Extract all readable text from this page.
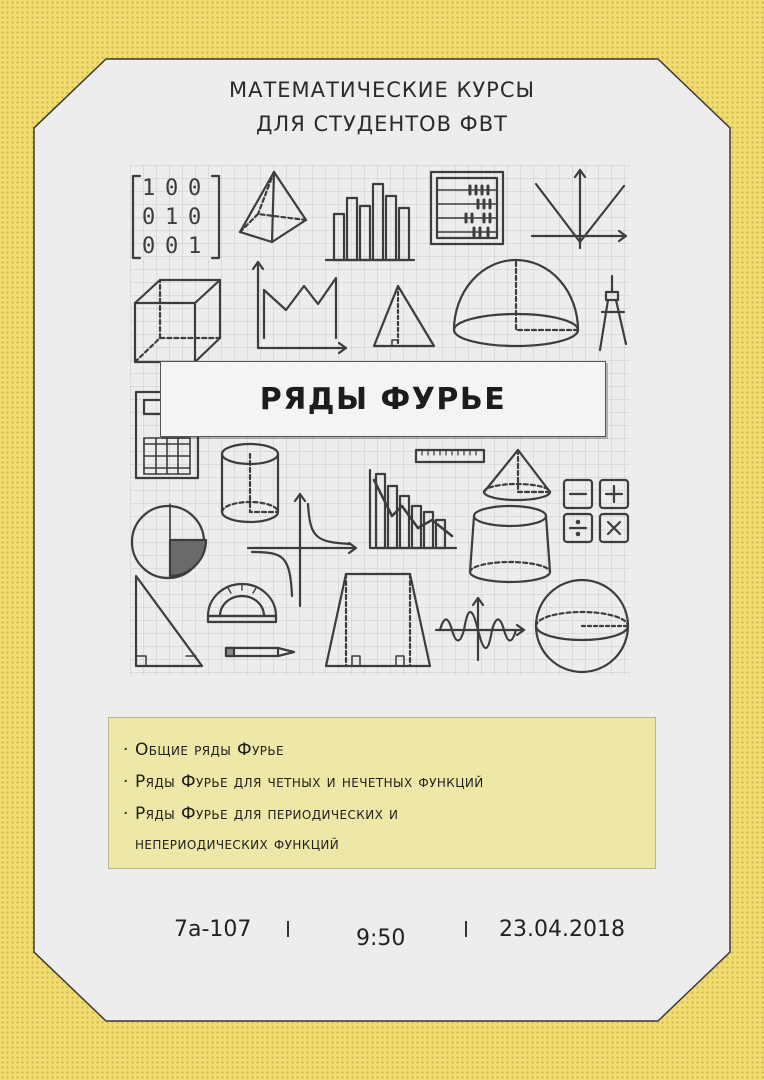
МАТЕМАТИЧЕСКИЕ КУРСЫ
ДЛЯ СТУДЕНТОВ ФВТ
1 0 0
0 1 0
0 0 1
РЯДЫ ФУРЬЕ
· Общие ряды Фурье
· Ряды Фурье для четных и нечетных функций
· Ряды Фурье для периодических и
непериодических функций
7а-107	9:50	23.04.2018
